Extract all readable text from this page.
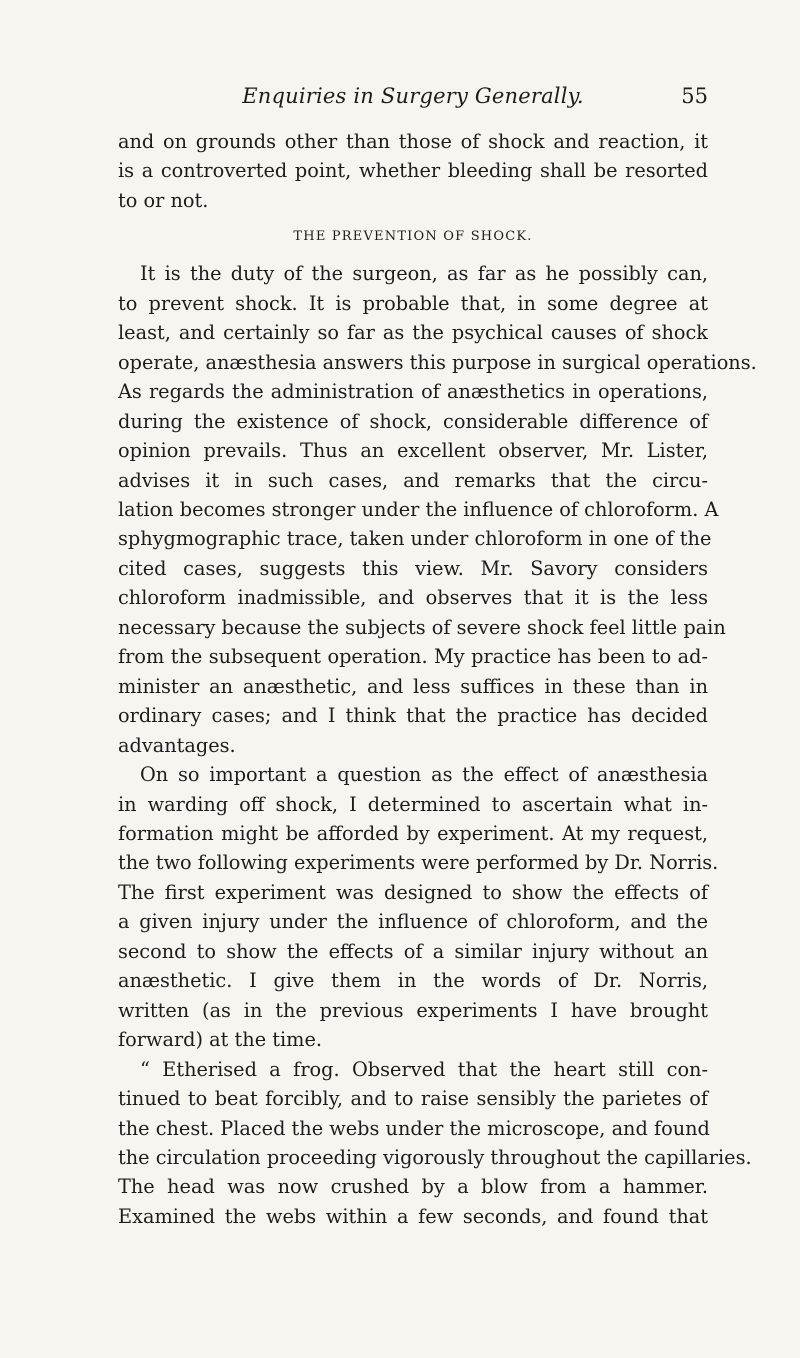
Enquiries in Surgery Generally.	55
and on grounds other than those of shock and reaction, it
is a controverted point, whether bleeding shall be resorted
to or not.
THE PREVENTION OF SHOCK.
It is the duty of the surgeon, as far as he possibly can,
to prevent shock. It is probable that, in some degree at
least, and certainly so far as the psychical causes of shock
operate, anæsthesia answers this purpose in surgical operations.
As regards the administration of anæsthetics in operations,
during the existence of shock, considerable difference of
opinion prevails. Thus an excellent observer, Mr. Lister,
advises it in such cases, and remarks that the circu-
lation becomes stronger under the influence of chloroform. A
sphygmographic trace, taken under chloroform in one of the
cited cases, suggests this view. Mr. Savory considers
chloroform inadmissible, and observes that it is the less
necessary because the subjects of severe shock feel little pain
from the subsequent operation. My practice has been to ad-
minister an anæsthetic, and less suffices in these than in
ordinary cases; and I think that the practice has decided
advantages.
On so important a question as the effect of anæsthesia
in warding off shock, I determined to ascertain what in-
formation might be afforded by experiment. At my request,
the two following experiments were performed by Dr. Norris.
The first experiment was designed to show the effects of
a given injury under the influence of chloroform, and the
second to show the effects of a similar injury without an
anæsthetic. I give them in the words of Dr. Norris,
written (as in the previous experiments I have brought
forward) at the time.
“ Etherised a frog. Observed that the heart still con-
tinued to beat forcibly, and to raise sensibly the parietes of
the chest. Placed the webs under the microscope, and found
the circulation proceeding vigorously throughout the capillaries.
The head was now crushed by a blow from a hammer.
Examined the webs within a few seconds, and found that
